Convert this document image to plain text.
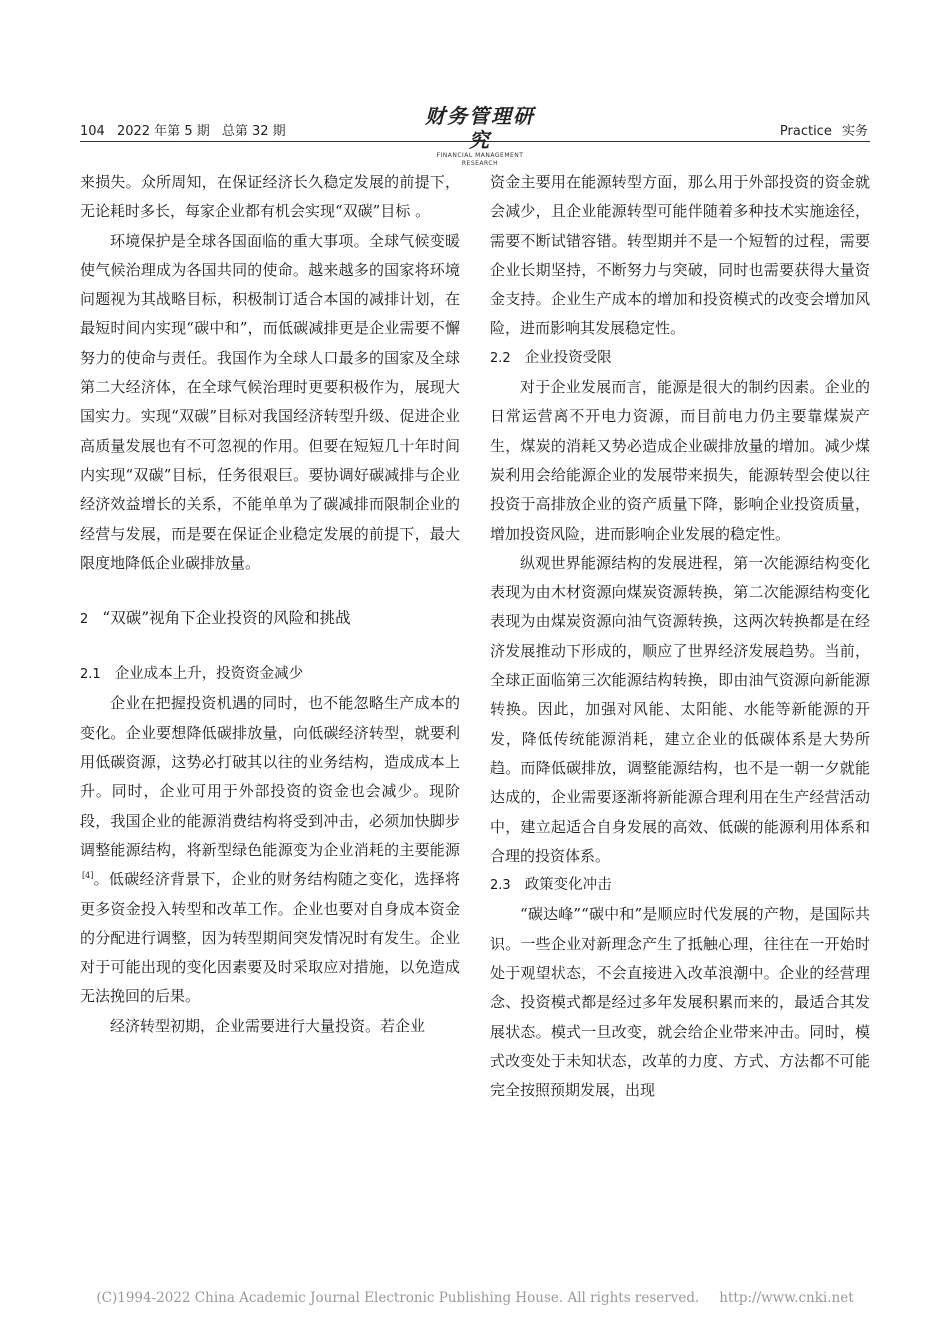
104 2022 年第 5 期 总第 32 期
财务管理研究
FINANCIAL MANAGEMENT RESEARCH
Practice 实务

来损失。众所周知，在保证经济长久稳定发展的前提下，无论耗时多长，每家企业都有机会实现“双碳”目标 。

环境保护是全球各国面临的重大事项。全球气候变暖使气候治理成为各国共同的使命。越来越多的国家将环境问题视为其战略目标，积极制订适合本国的减排计划，在最短时间内实现“碳中和”，而低碳减排更是企业需要不懈努力的使命与责任。我国作为全球人口最多的国家及全球第二大经济体，在全球气候治理时更要积极作为，展现大国实力。实现“双碳”目标对我国经济转型升级、促进企业高质量发展也有不可忽视的作用。但要在短短几十年时间内实现“双碳”目标，任务很艰巨。要协调好碳减排与企业经济效益增长的关系，不能单单为了碳减排而限制企业的经营与发展，而是要在保证企业稳定发展的前提下，最大限度地降低企业碳排放量。

2 “双碳”视角下企业投资的风险和挑战

2.1 企业成本上升，投资资金减少

企业在把握投资机遇的同时，也不能忽略生产成本的变化。企业要想降低碳排放量，向低碳经济转型，就要利用低碳资源，这势必打破其以往的业务结构，造成成本上升。同时，企业可用于外部投资的资金也会减少。现阶段，我国企业的能源消费结构将受到冲击，必须加快脚步调整能源结构，将新型绿色能源变为企业消耗的主要能源[4]。低碳经济背景下，企业的财务结构随之变化，选择将更多资金投入转型和改革工作。企业也要对自身成本资金的分配进行调整，因为转型期间突发情况时有发生。企业对于可能出现的变化因素要及时采取应对措施，以免造成无法挽回的后果。

经济转型初期，企业需要进行大量投资。若企业

资金主要用在能源转型方面，那么用于外部投资的资金就会减少，且企业能源转型可能伴随着多种技术实施途径，需要不断试错容错。转型期并不是一个短暂的过程，需要企业长期坚持，不断努力与突破，同时也需要获得大量资金支持。企业生产成本的增加和投资模式的改变会增加风险，进而影响其发展稳定性。

2.2 企业投资受限

对于企业发展而言，能源是很大的制约因素。企业的日常运营离不开电力资源，而目前电力仍主要靠煤炭产生，煤炭的消耗又势必造成企业碳排放量的增加。减少煤炭利用会给能源企业的发展带来损失，能源转型会使以往投资于高排放企业的资产质量下降，影响企业投资质量，增加投资风险，进而影响企业发展的稳定性。

纵观世界能源结构的发展进程，第一次能源结构变化表现为由木材资源向煤炭资源转换，第二次能源结构变化表现为由煤炭资源向油气资源转换，这两次转换都是在经济发展推动下形成的，顺应了世界经济发展趋势。当前，全球正面临第三次能源结构转换，即由油气资源向新能源转换。因此，加强对风能、太阳能、水能等新能源的开发，降低传统能源消耗，建立企业的低碳体系是大势所趋。而降低碳排放，调整能源结构，也不是一朝一夕就能达成的，企业需要逐渐将新能源合理利用在生产经营活动中，建立起适合自身发展的高效、低碳的能源利用体系和合理的投资体系。

2.3 政策变化冲击

“碳达峰”“碳中和”是顺应时代发展的产物，是国际共识。一些企业对新理念产生了抵触心理，往往在一开始时处于观望状态，不会直接进入改革浪潮中。企业的经营理念、投资模式都是经过多年发展积累而来的，最适合其发展状态。模式一旦改变，就会给企业带来冲击。同时，模式改变处于未知状态，改革的力度、方式、方法都不可能完全按照预期发展，出现

(C)1994-2022 China Academic Journal Electronic Publishing House. All rights reserved. http://www.cnki.net
